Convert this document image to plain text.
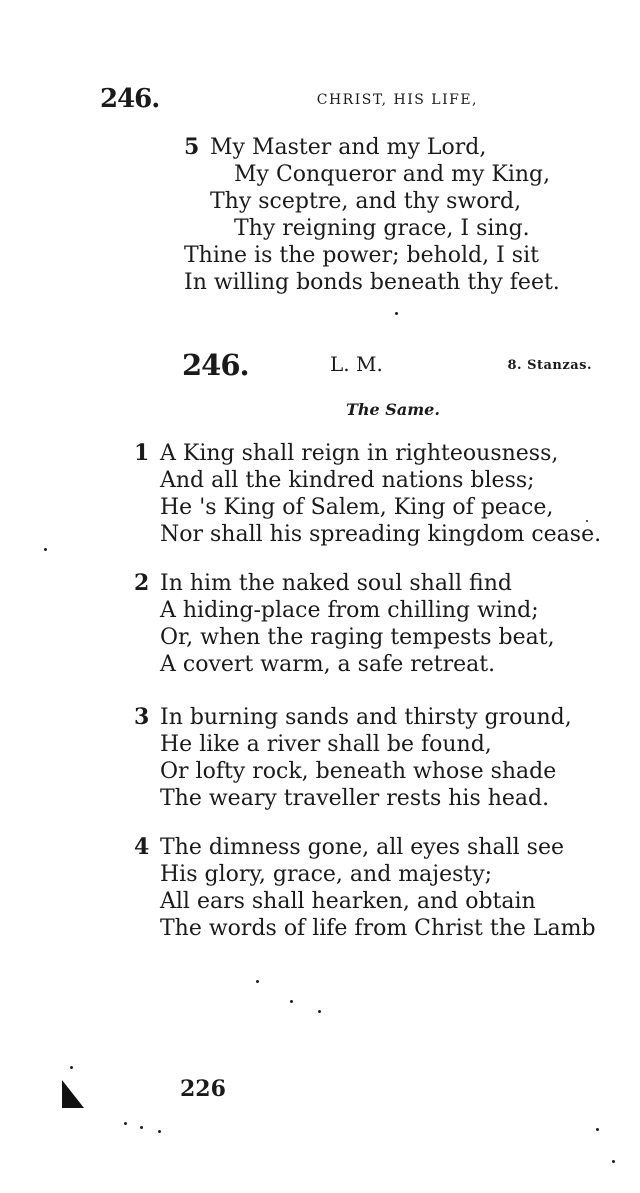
246.	CHRIST, HIS LIFE,
5 My Master and my Lord,
My Conqueror and my King,
Thy sceptre, and thy sword,
Thy reigning grace, I sing.
Thine is the power; behold, I sit
In willing bonds beneath thy feet.
246.	L. M.	8. Stanzas.
The Same.
1 A King shall reign in righteousness,
And all the kindred nations bless;
He 's King of Salem, King of peace,
Nor shall his spreading kingdom cease.
2 In him the naked soul shall find
A hiding-place from chilling wind;
Or, when the raging tempests beat,
A covert warm, a safe retreat.
3 In burning sands and thirsty ground,
He like a river shall be found,
Or lofty rock, beneath whose shade
The weary traveller rests his head.
4 The dimness gone, all eyes shall see
His glory, grace, and majesty;
All ears shall hearken, and obtain
The words of life from Christ the Lamb
226
